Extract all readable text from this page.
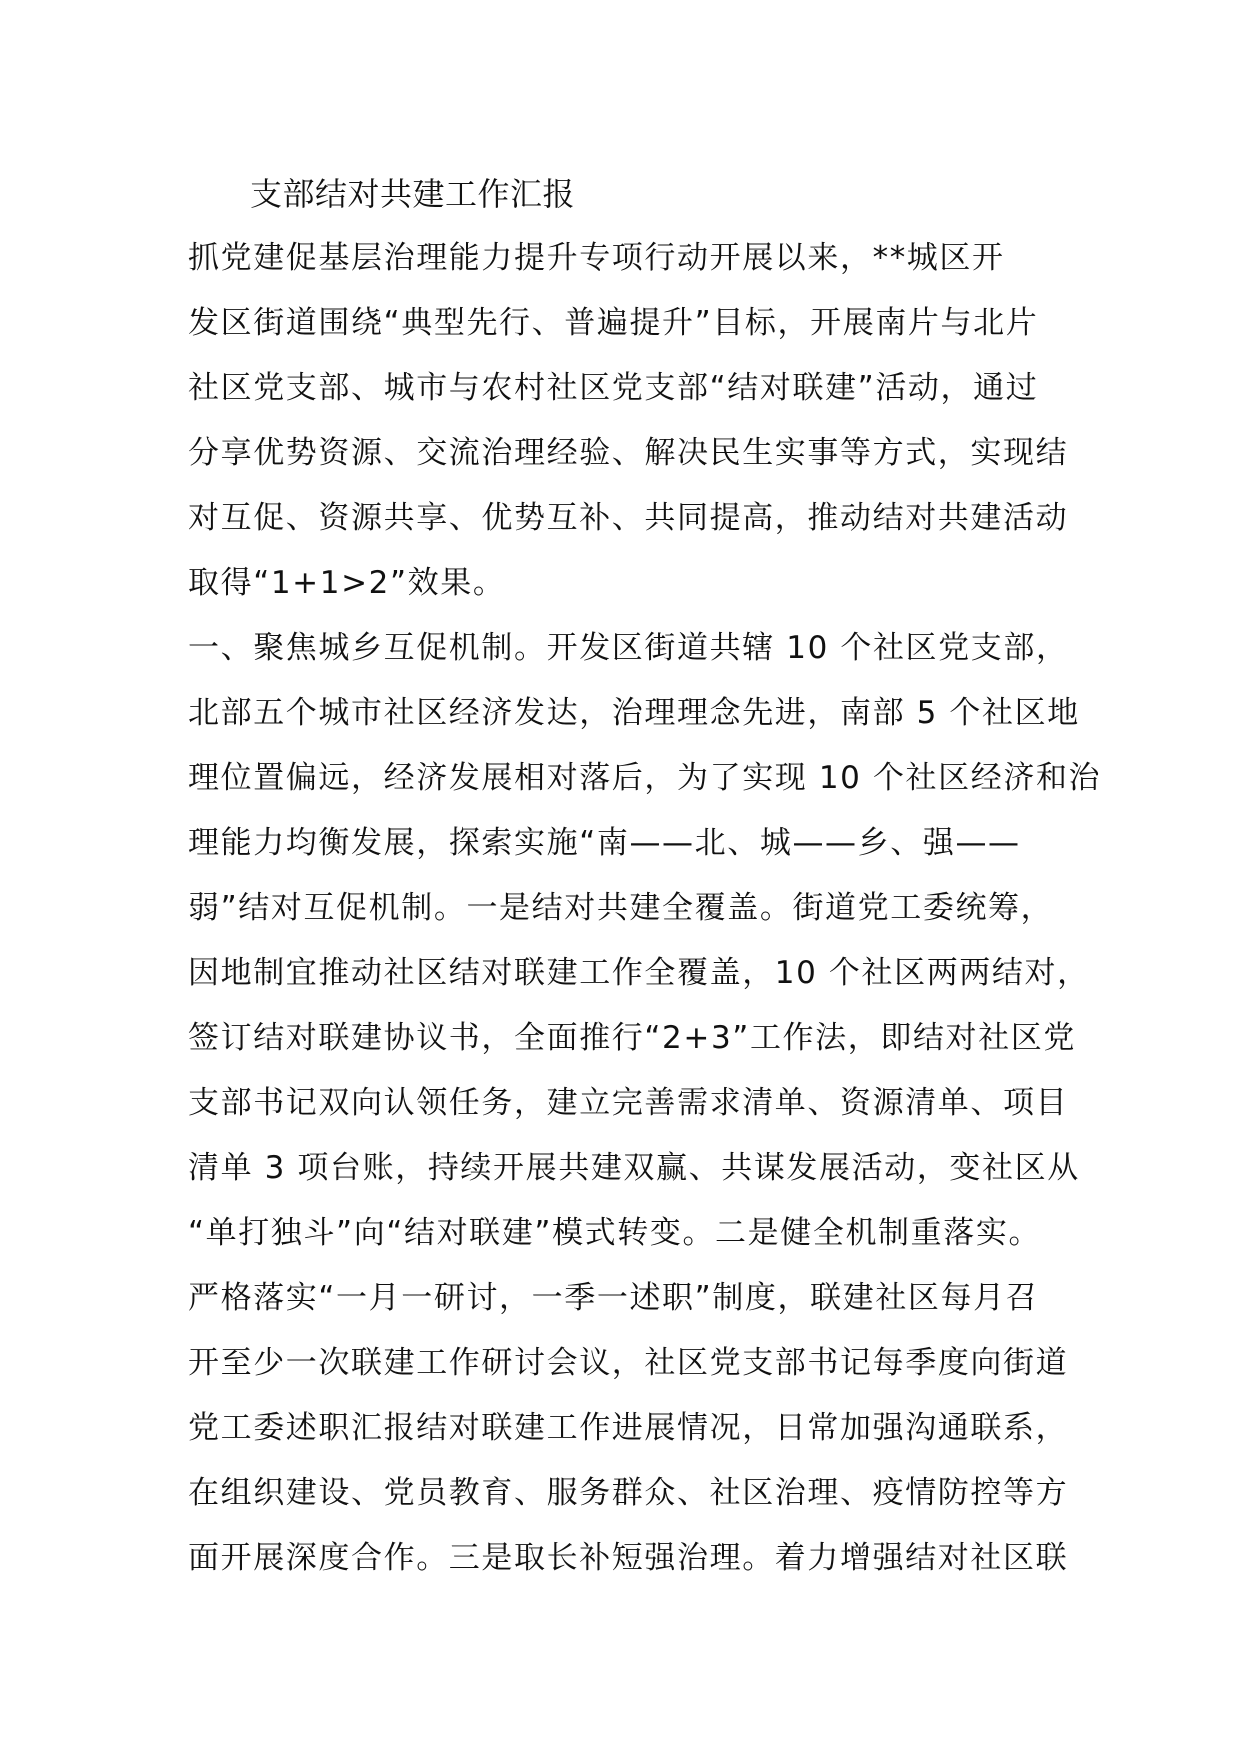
支部结对共建工作汇报
抓党建促基层治理能力提升专项行动开展以来，**城区开
发区街道围绕“典型先行、普遍提升”目标，开展南片与北片
社区党支部、城市与农村社区党支部“结对联建”活动，通过
分享优势资源、交流治理经验、解决民生实事等方式，实现结
对互促、资源共享、优势互补、共同提高，推动结对共建活动
取得“1+1>2”效果。
一、聚焦城乡互促机制。开发区街道共辖 10 个社区党支部，
北部五个城市社区经济发达，治理理念先进，南部 5 个社区地
理位置偏远，经济发展相对落后，为了实现 10 个社区经济和治
理能力均衡发展，探索实施“南——北、城——乡、强——
弱”结对互促机制。一是结对共建全覆盖。街道党工委统筹，
因地制宜推动社区结对联建工作全覆盖，10 个社区两两结对，
签订结对联建协议书，全面推行“2+3”工作法，即结对社区党
支部书记双向认领任务，建立完善需求清单、资源清单、项目
清单 3 项台账，持续开展共建双赢、共谋发展活动，变社区从
“单打独斗”向“结对联建”模式转变。二是健全机制重落实。
严格落实“一月一研讨，一季一述职”制度，联建社区每月召
开至少一次联建工作研讨会议，社区党支部书记每季度向街道
党工委述职汇报结对联建工作进展情况，日常加强沟通联系，
在组织建设、党员教育、服务群众、社区治理、疫情防控等方
面开展深度合作。三是取长补短强治理。着力增强结对社区联
